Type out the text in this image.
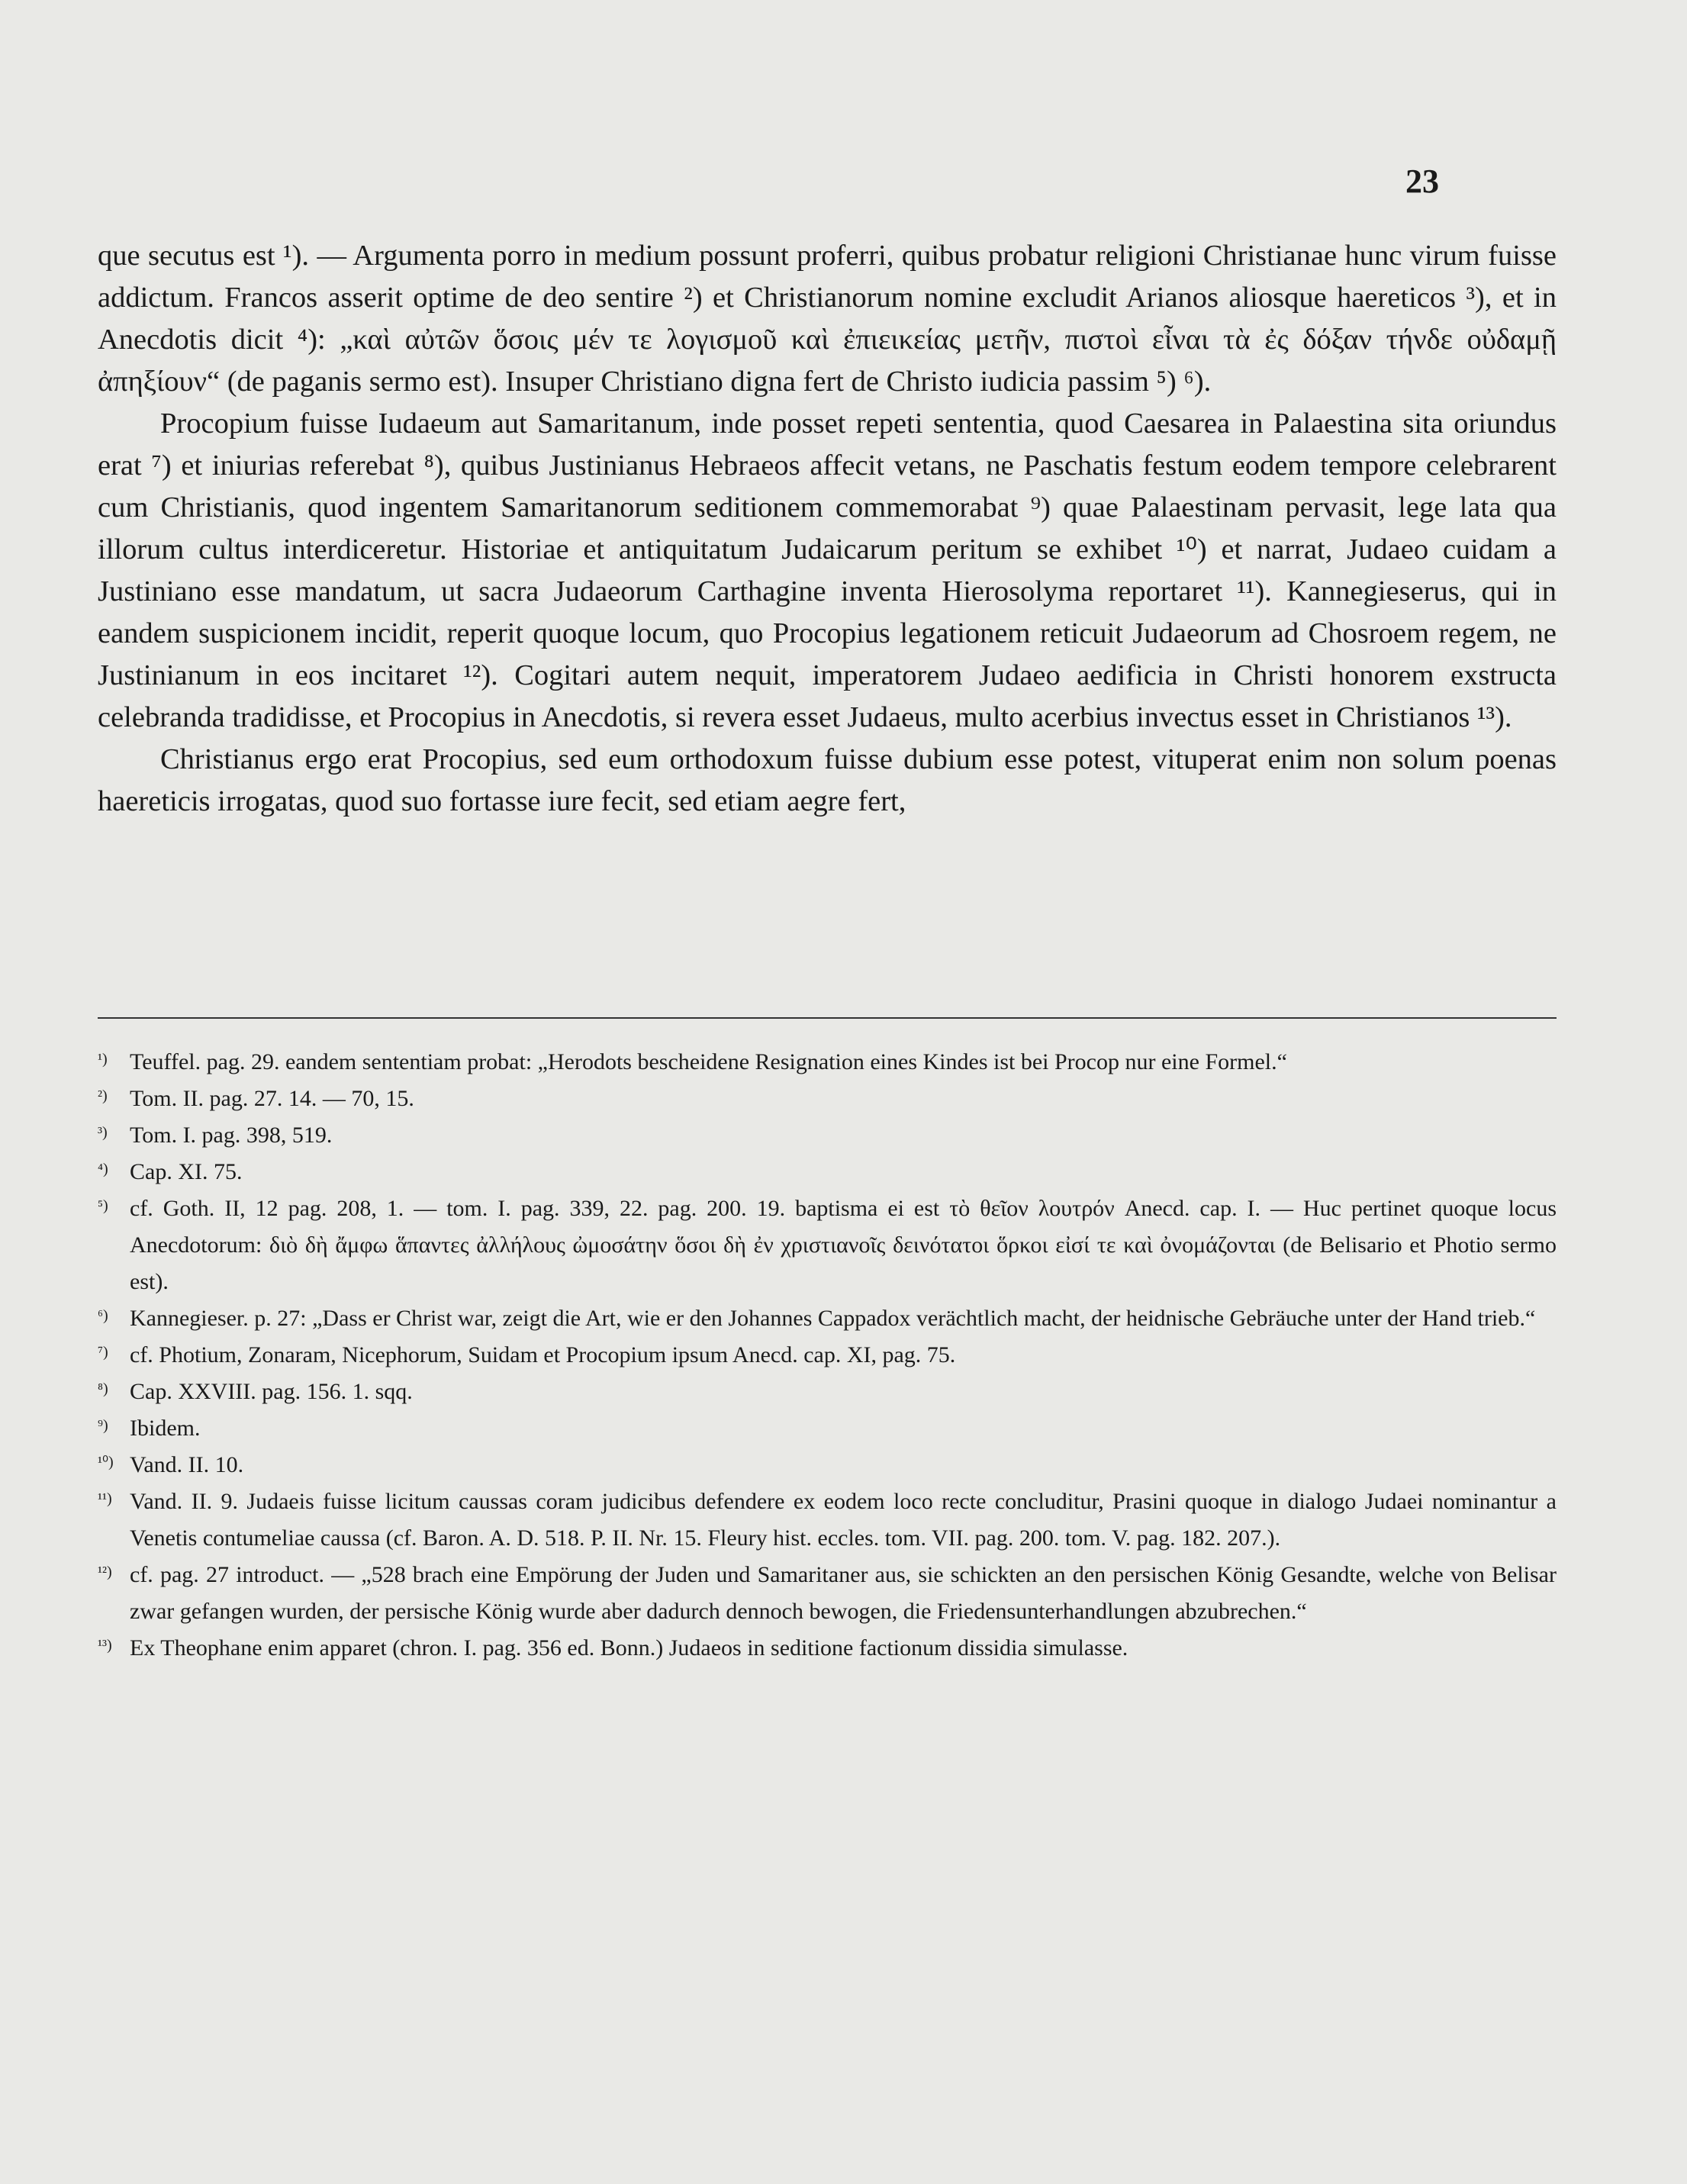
23

que secutus est ¹). — Argumenta porro in medium possunt proferri, quibus probatur religioni Christianae hunc virum fuisse addictum. Francos asserit optime de deo sentire ²) et Christianorum nomine excludit Arianos aliosque haereticos ³), et in Anecdotis dicit ⁴): „καὶ αὐτῶν ὅσοις μέν τε λογισμοῦ καὶ ἐπιεικείας μετῆν, πιστοὶ εἶναι τὰ ἐς δόξαν τήνδε οὐδαμῇ ἀπηξίουν“ (de paganis sermo est). Insuper Christiano digna fert de Christo iudicia passim ⁵) ⁶).

Procopium fuisse Iudaeum aut Samaritanum, inde posset repeti sententia, quod Caesarea in Palaestina sita oriundus erat ⁷) et iniurias referebat ⁸), quibus Justinianus Hebraeos affecit vetans, ne Paschatis festum eodem tempore celebrarent cum Christianis, quod ingentem Samaritanorum seditionem commemorabat ⁹) quae Palaestinam pervasit, lege lata qua illorum cultus interdiceretur. Historiae et antiquitatum Judaicarum peritum se exhibet ¹⁰) et narrat, Judaeo cuidam a Justiniano esse mandatum, ut sacra Judaeorum Carthagine inventa Hierosolyma reportaret ¹¹). Kannegieserus, qui in eandem suspicionem incidit, reperit quoque locum, quo Procopius legationem reticuit Judaeorum ad Chosroem regem, ne Justinianum in eos incitaret ¹²). Cogitari autem nequit, imperatorem Judaeo aedificia in Christi honorem exstructa celebranda tradidisse, et Procopius in Anecdotis, si revera esset Judaeus, multo acerbius invectus esset in Christianos ¹³).

Christianus ergo erat Procopius, sed eum orthodoxum fuisse dubium esse potest, vituperat enim non solum poenas haereticis irrogatas, quod suo fortasse iure fecit, sed etiam aegre fert,

¹) Teuffel. pag. 29. eandem sententiam probat: „Herodots bescheidene Resignation eines Kindes ist bei Procop nur eine Formel.“
²) Tom. II. pag. 27. 14. — 70, 15.
³) Tom. I. pag. 398, 519.
⁴) Cap. XI. 75.
⁵) cf. Goth. II, 12 pag. 208, 1. — tom. I. pag. 339, 22. pag. 200. 19. baptisma ei est τὸ θεῖον λουτρόν Anecd. cap. I. — Huc pertinet quoque locus Anecdotorum: διὸ δὴ ἄμφω ἅπαντες ἀλλήλους ὠμοσάτην ὅσοι δὴ ἐν χριστιανοῖς δεινότατοι ὅρκοι εἰσί τε καὶ ὀνομάζονται (de Belisario et Photio sermo est).
⁶) Kannegieser. p. 27: „Dass er Christ war, zeigt die Art, wie er den Johannes Cappadox verächtlich macht, der heidnische Gebräuche unter der Hand trieb.“
⁷) cf. Photium, Zonaram, Nicephorum, Suidam et Procopium ipsum Anecd. cap. XI, pag. 75.
⁸) Cap. XXVIII. pag. 156. 1. sqq.
⁹) Ibidem.
¹⁰) Vand. II. 10.
¹¹) Vand. II. 9. Judaeis fuisse licitum caussas coram judicibus defendere ex eodem loco recte concluditur, Prasini quoque in dialogo Judaei nominantur a Venetis contumeliae caussa (cf. Baron. A. D. 518. P. II. Nr. 15. Fleury hist. eccles. tom. VII. pag. 200. tom. V. pag. 182. 207.).
¹²) cf. pag. 27 introduct. — „528 brach eine Empörung der Juden und Samaritaner aus, sie schickten an den persischen König Gesandte, welche von Belisar zwar gefangen wurden, der persische König wurde aber dadurch dennoch bewogen, die Friedensunterhandlungen abzubrechen.“
¹³) Ex Theophane enim apparet (chron. I. pag. 356 ed. Bonn.) Judaeos in seditione factionum dissidia simulasse.
